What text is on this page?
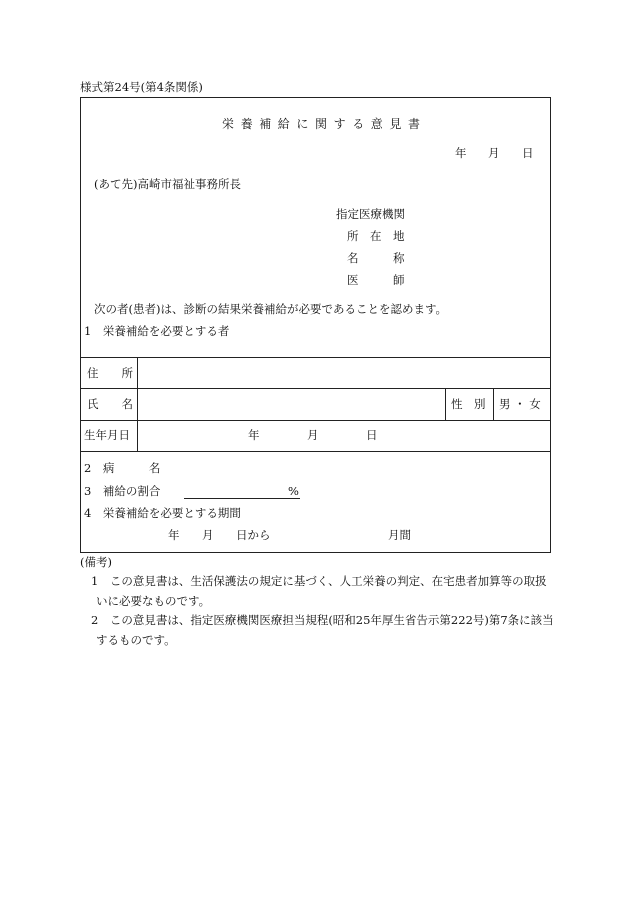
様式第24号(第4条関係)
栄養補給に関する意見書
年 月 日
(あて先)高崎市福祉事務所長
指定医療機関
所　在　地
名　　　称
医　　　師
次の者(患者)は、診断の結果栄養補給が必要であることを認めます。
1　栄養補給を必要とする者
住　　所
氏　　名	性　別 男 ・ 女
生年月日	年	月	日
2　病　　　名
3　補給の割合	%
4　栄養補給を必要とする期間
年 月 日から	月間
(備考)
1　この意見書は、生活保護法の規定に基づく、人工栄養の判定、在宅患者加算等の取扱
いに必要なものです。
2　この意見書は、指定医療機関医療担当規程(昭和25年厚生省告示第222号)第7条に該当
するものです。
